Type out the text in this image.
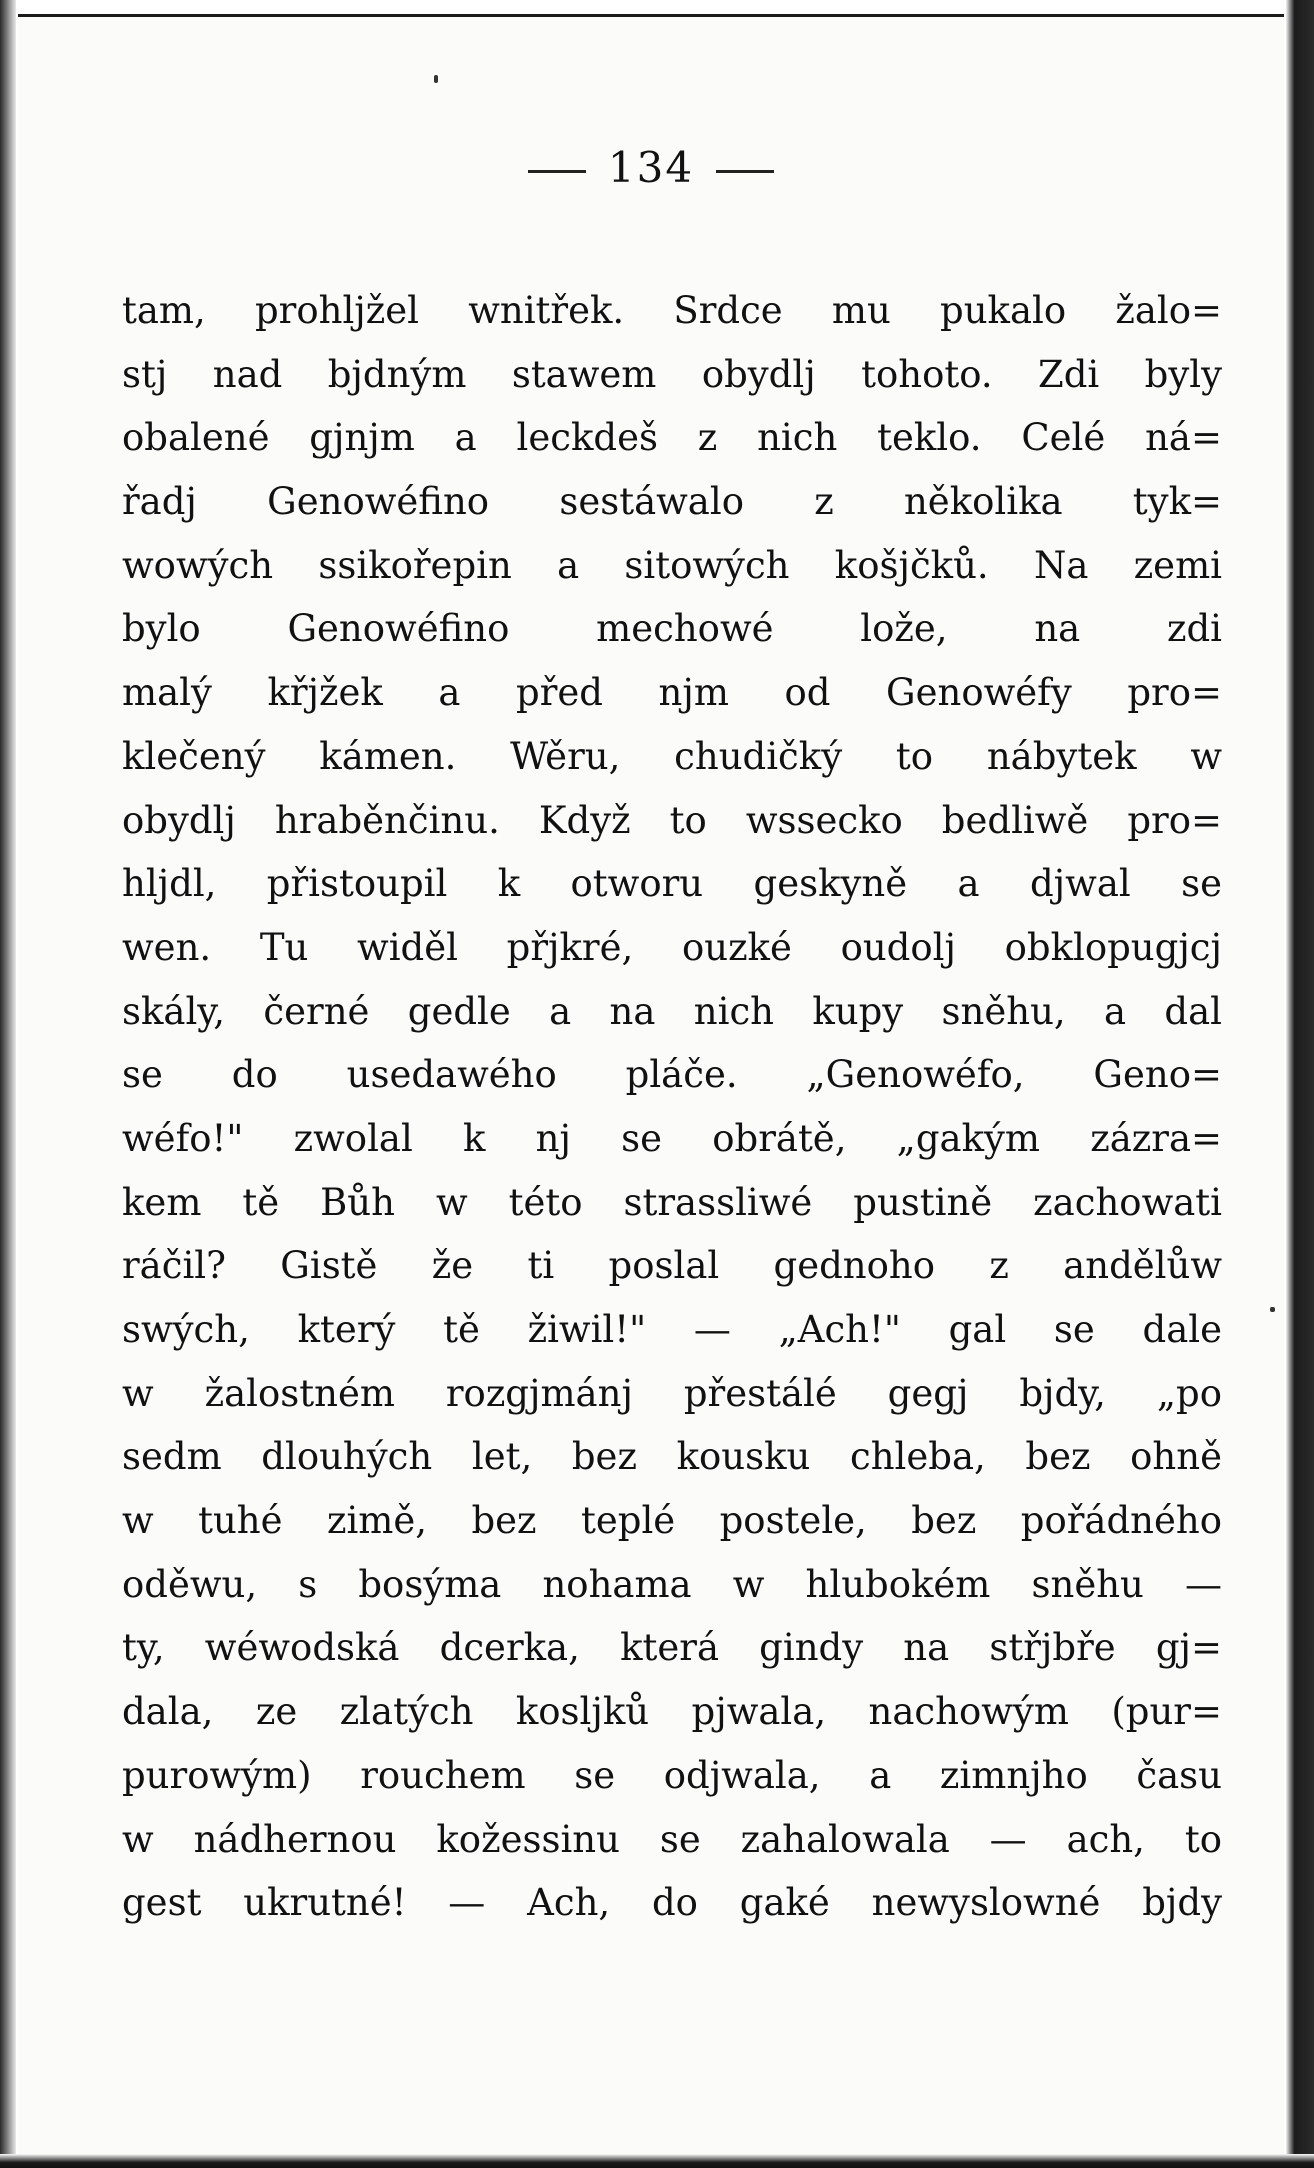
134
tam, prohljžel wnitřek. Srdce mu pukalo žalo=
stj nad bjdným stawem obydlj tohoto. Zdi byly
obalené gjnjm a leckdeš z nich teklo. Celé ná=
řadj Genowéfino sestáwalo z několika tyk=
wowých ssikořepin a sitowých košjčků. Na zemi
bylo Genowéfino mechowé lože, na zdi
malý křjžek a před njm od Genowéfy pro=
klečený kámen. Wěru, chudičký to nábytek w
obydlj hraběnčinu. Když to wssecko bedliwě pro=
hljdl, přistoupil k otworu geskyně a djwal se
wen. Tu widěl přjkré, ouzké oudolj obklopugjcj
skály, černé gedle a na nich kupy sněhu, a dal
se do usedawého pláče. „Genowéfo, Geno=
wéfo!" zwolal k nj se obrátě, „gakým zázra=
kem tě Bůh w této strassliwé pustině zachowati
ráčil? Gistě že ti poslal gednoho z andělůw
swých, který tě žiwil!" — „Ach!" gal se dale
w žalostném rozgjmánj přestálé gegj bjdy, „po
sedm dlouhých let, bez kousku chleba, bez ohně
w tuhé zimě, bez teplé postele, bez pořádného
oděwu, s bosýma nohama w hlubokém sněhu —
ty, wéwodská dcerka, která gindy na střjbře gj=
dala, ze zlatých kosljků pjwala, nachowým (pur=
purowým) rouchem se odjwala, a zimnjho času
w nádhernou kožessinu se zahalowala — ach, to
gest ukrutné! — Ach, do gaké newyslowné bjdy
